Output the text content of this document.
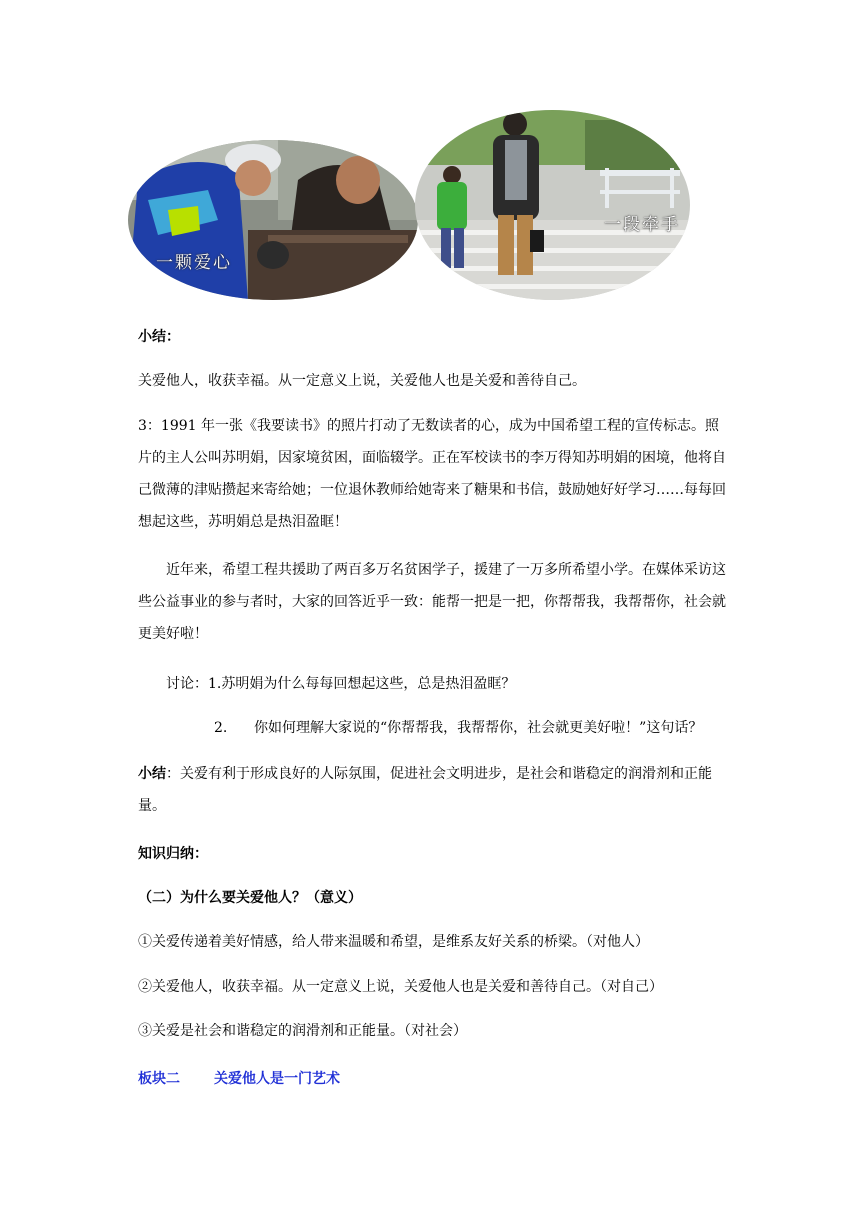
一颗爱心
一段牵手
小结：
关爱他人，收获幸福。从一定意义上说，关爱他人也是关爱和善待自己。
3：1991 年一张《我要读书》的照片打动了无数读者的心，成为中国希望工程的宣传标志。照片的主人公叫苏明娟，因家境贫困，面临辍学。正在军校读书的李万得知苏明娟的困境，他将自己微薄的津贴攒起来寄给她；一位退休教师给她寄来了糖果和书信，鼓励她好好学习……每每回想起这些，苏明娟总是热泪盈眶！
近年来，希望工程共援助了两百多万名贫困学子，援建了一万多所希望小学。在媒体采访这些公益事业的参与者时，大家的回答近乎一致：能帮一把是一把，你帮帮我，我帮帮你，社会就更美好啦！
讨论：1.苏明娟为什么每每回想起这些，总是热泪盈眶？
2.	你如何理解大家说的“你帮帮我，我帮帮你，社会就更美好啦！”这句话？
小结：关爱有利于形成良好的人际氛围，促进社会文明进步，是社会和谐稳定的润滑剂和正能量。
知识归纳：
（二）为什么要关爱他人？（意义）
①关爱传递着美好情感，给人带来温暖和希望，是维系友好关系的桥梁。（对他人）
②关爱他人，收获幸福。从一定意义上说，关爱他人也是关爱和善待自己。（对自己）
③关爱是社会和谐稳定的润滑剂和正能量。（对社会）
板块二	关爱他人是一门艺术
